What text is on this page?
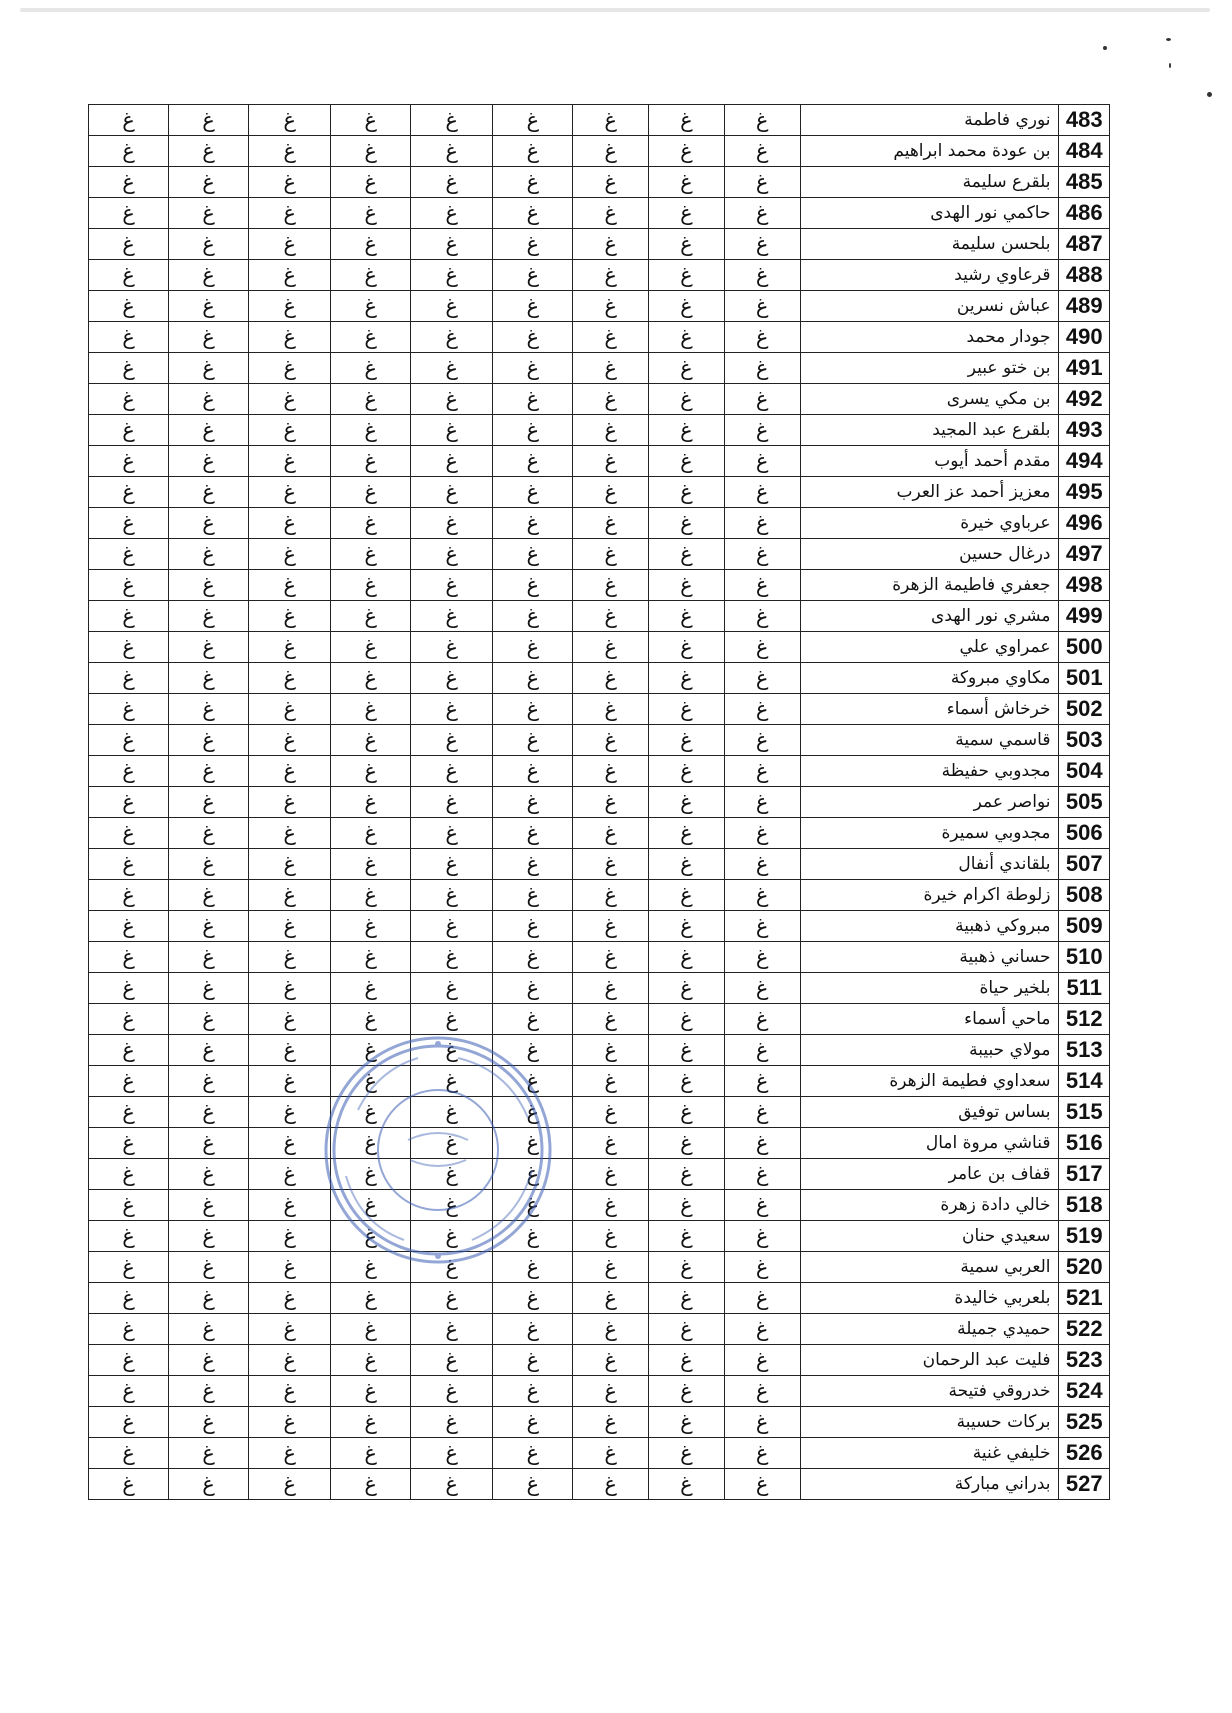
483	نوري فاطمة	غ	غ	غ	غ	غ	غ	غ	غ	غ
484	بن عودة محمد ابراهيم	غ	غ	غ	غ	غ	غ	غ	غ	غ
485	بلقرع سليمة	غ	غ	غ	غ	غ	غ	غ	غ	غ
486	حاكمي نور الهدى	غ	غ	غ	غ	غ	غ	غ	غ	غ
487	بلحسن سليمة	غ	غ	غ	غ	غ	غ	غ	غ	غ
488	قرعاوي رشيد	غ	غ	غ	غ	غ	غ	غ	غ	غ
489	عباش نسرين	غ	غ	غ	غ	غ	غ	غ	غ	غ
490	جودار محمد	غ	غ	غ	غ	غ	غ	غ	غ	غ
491	بن ختو عبير	غ	غ	غ	غ	غ	غ	غ	غ	غ
492	بن مكي يسرى	غ	غ	غ	غ	غ	غ	غ	غ	غ
493	بلقرع عبد المجيد	غ	غ	غ	غ	غ	غ	غ	غ	غ
494	مقدم أحمد أيوب	غ	غ	غ	غ	غ	غ	غ	غ	غ
495	معزيز أحمد عز العرب	غ	غ	غ	غ	غ	غ	غ	غ	غ
496	عرباوي خيرة	غ	غ	غ	غ	غ	غ	غ	غ	غ
497	درغال حسين	غ	غ	غ	غ	غ	غ	غ	غ	غ
498	جعفري فاطيمة الزهرة	غ	غ	غ	غ	غ	غ	غ	غ	غ
499	مشري نور الهدى	غ	غ	غ	غ	غ	غ	غ	غ	غ
500	عمراوي علي	غ	غ	غ	غ	غ	غ	غ	غ	غ
501	مكاوي مبروكة	غ	غ	غ	غ	غ	غ	غ	غ	غ
502	خرخاش أسماء	غ	غ	غ	غ	غ	غ	غ	غ	غ
503	قاسمي سمية	غ	غ	غ	غ	غ	غ	غ	غ	غ
504	مجدوبي حفيظة	غ	غ	غ	غ	غ	غ	غ	غ	غ
505	نواصر عمر	غ	غ	غ	غ	غ	غ	غ	غ	غ
506	مجدوبي سميرة	غ	غ	غ	غ	غ	غ	غ	غ	غ
507	بلقاندي أنفال	غ	غ	غ	غ	غ	غ	غ	غ	غ
508	زلوطة اكرام خيرة	غ	غ	غ	غ	غ	غ	غ	غ	غ
509	مبروكي ذهبية	غ	غ	غ	غ	غ	غ	غ	غ	غ
510	حساني ذهبية	غ	غ	غ	غ	غ	غ	غ	غ	غ
511	بلخير حياة	غ	غ	غ	غ	غ	غ	غ	غ	غ
512	ماحي أسماء	غ	غ	غ	غ	غ	غ	غ	غ	غ
513	مولاي حبيبة	غ	غ	غ	غ	غ	غ	غ	غ	غ
514	سعداوي فطيمة الزهرة	غ	غ	غ	غ	غ	غ	غ	غ	غ
515	بساس توفيق	غ	غ	غ	غ	غ	غ	غ	غ	غ
516	قناشي مروة امال	غ	غ	غ	غ	غ	غ	غ	غ	غ
517	قفاف بن عامر	غ	غ	غ	غ	غ	غ	غ	غ	غ
518	خالي دادة زهرة	غ	غ	غ	غ	غ	غ	غ	غ	غ
519	سعيدي حنان	غ	غ	غ	غ	غ	غ	غ	غ	غ
520	العربي سمية	غ	غ	غ	غ	غ	غ	غ	غ	غ
521	بلعربي خاليدة	غ	غ	غ	غ	غ	غ	غ	غ	غ
522	حميدي جميلة	غ	غ	غ	غ	غ	غ	غ	غ	غ
523	فليت عبد الرحمان	غ	غ	غ	غ	غ	غ	غ	غ	غ
524	خدروقي فتيحة	غ	غ	غ	غ	غ	غ	غ	غ	غ
525	بركات حسيبة	غ	غ	غ	غ	غ	غ	غ	غ	غ
526	خليفي غنية	غ	غ	غ	غ	غ	غ	غ	غ	غ
527	بدراني مباركة	غ	غ	غ	غ	غ	غ	غ	غ	غ
